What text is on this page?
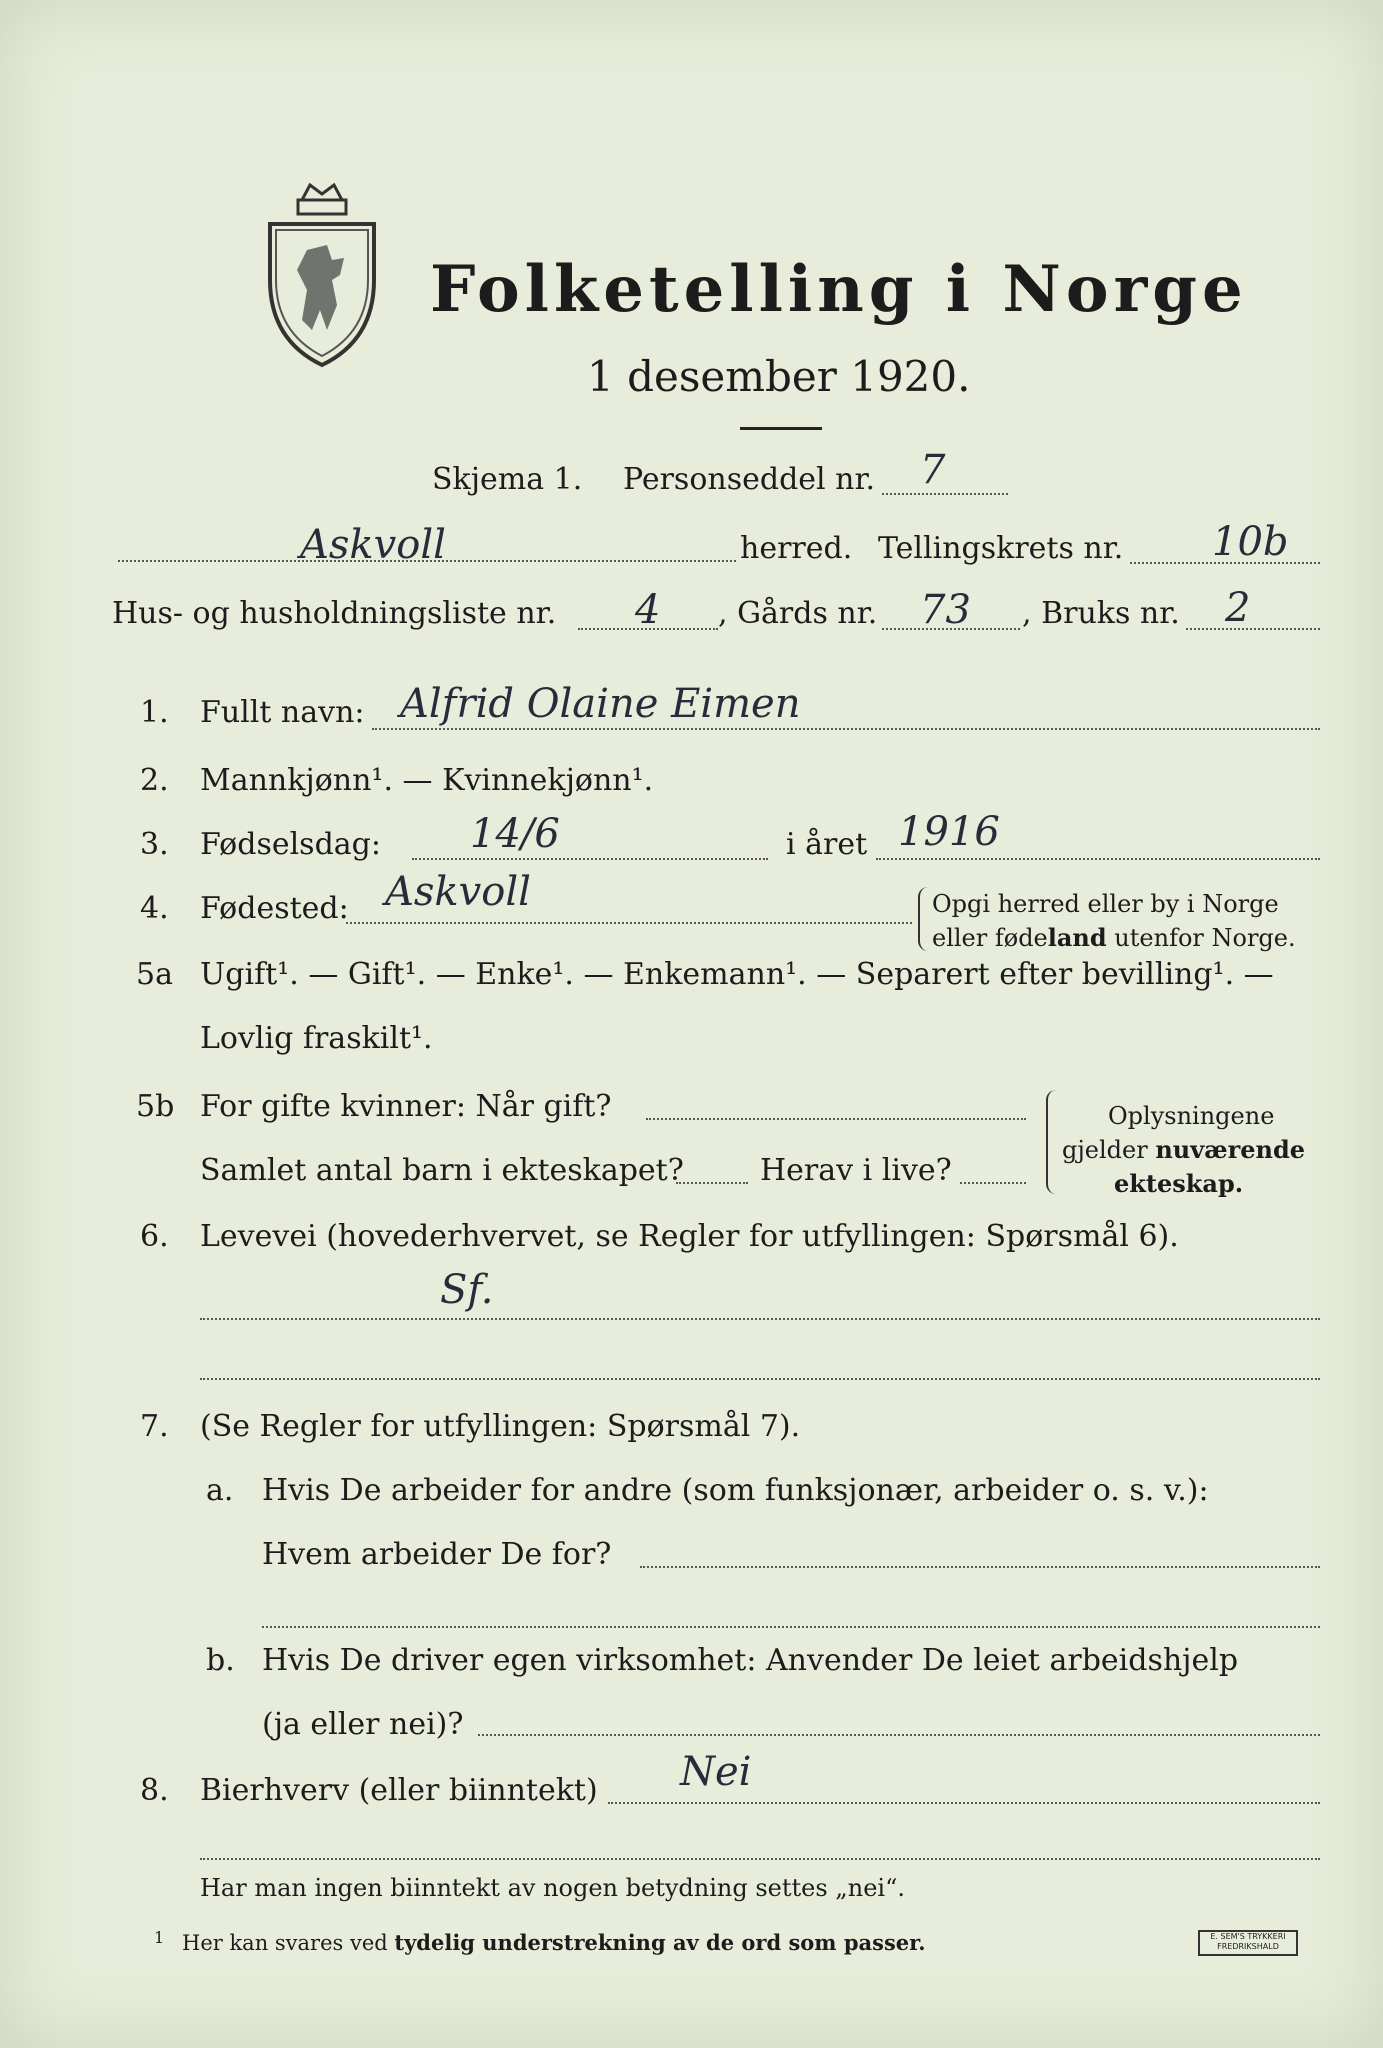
Folketelling i Norge
1 desember 1920.
Skjema 1. Personseddel nr. 7
Askvoll	herred. Tellingskrets nr. 10b
Hus- og husholdningsliste nr. 4 , Gårds nr. 73 , Bruks nr. 2
1. Fullt navn: Alfrid Olaine Eimen
2. Mannkjønn¹. — Kvinnekjønn¹.
3. Fødselsdag: 14/6	i året 1916
4. Fødested: Askvoll	Opgi herred eller by i Norge
eller fødeland utenfor Norge.
5a Ugift¹. — Gift¹. — Enke¹. — Enkemann¹. — Separert efter bevilling¹. —
Lovlig fraskilt¹.
5b For gifte kvinner: Når gift?
Samlet antal barn i ekteskapet?	Herav i live?
Oplysningene
gjelder nuværende
ekteskap.
6. Levevei (hovederhvervet, se Regler for utfyllingen: Spørsmål 6).
Sf.
7. (Se Regler for utfyllingen: Spørsmål 7).
a. Hvis De arbeider for andre (som funksjonær, arbeider o. s. v.):
Hvem arbeider De for?
b. Hvis De driver egen virksomhet: Anvender De leiet arbeidshjelp
(ja eller nei)?
8. Bierhverv (eller biinntekt) Nei
Har man ingen biinntekt av nogen betydning settes „nei“.
1 Her kan svares ved tydelig understrekning av de ord som passer.	E. SEM'S TRYKKERI FREDRIKSHALD
